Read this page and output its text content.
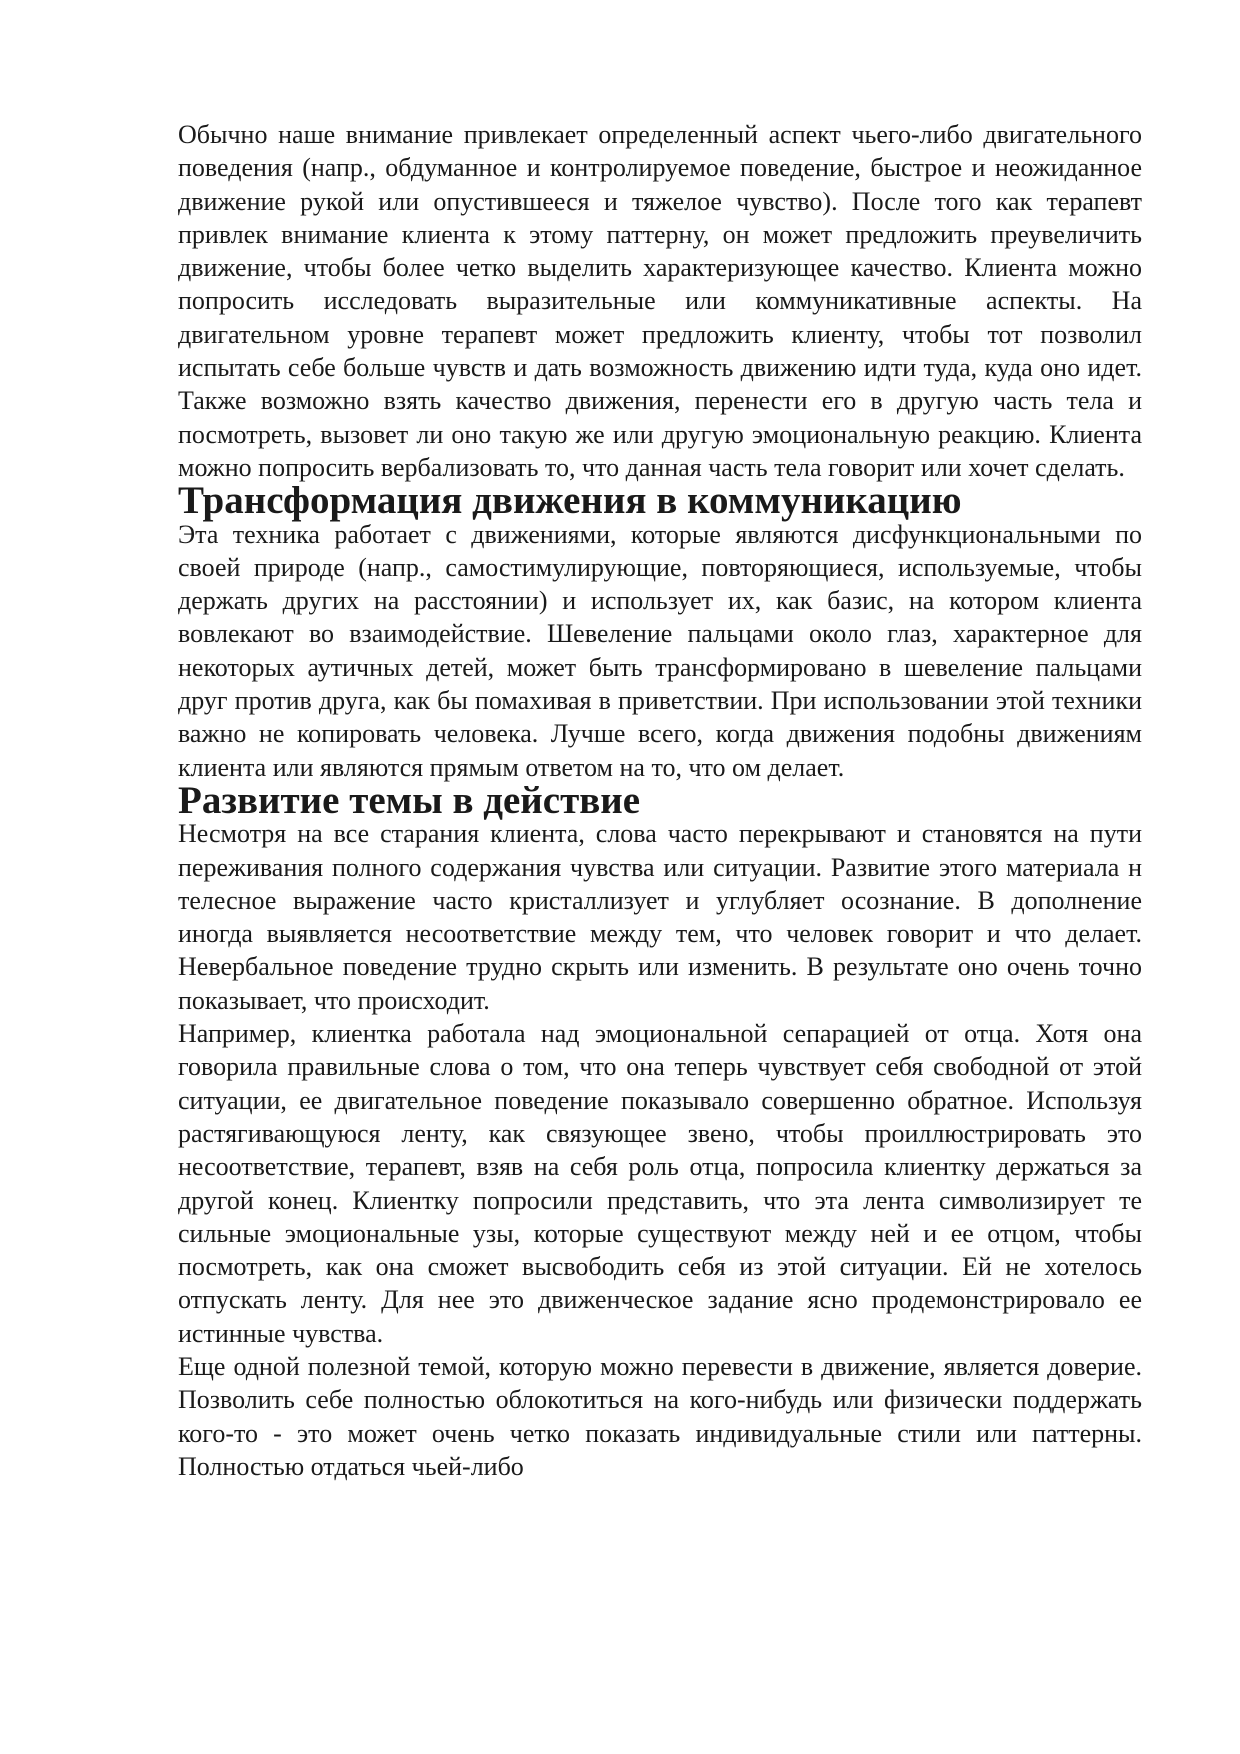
Обычно наше внимание привлекает определенный аспект чьего-либо двигательного поведения (напр., обдуманное и контролируемое поведение, быстрое и неожиданное движение рукой или опустившееся и тяжелое чувство). После того как терапевт привлек внимание клиента к этому паттерну, он может предложить преувеличить движение, чтобы более четко выделить характеризующее качество. Клиента можно попросить исследовать выразительные или коммуникативные аспекты. На двигательном уровне терапевт может предложить клиенту, чтобы тот позволил испытать себе больше чувств и дать возможность движению идти туда, куда оно идет. Также возможно взять качество движения, перенести его в другую часть тела и посмотреть, вызовет ли оно такую же или другую эмоциональную реакцию. Клиента можно попросить вербализовать то, что данная часть тела говорит или хочет сделать.

Трансформация движения в коммуникацию

Эта техника работает с движениями, которые являются дисфункциональными по своей природе (напр., самостимулирующие, повторяющиеся, используемые, чтобы держать других на расстоянии) и использует их, как базис, на котором клиента вовлекают во взаимодействие. Шевеление пальцами около глаз, характерное для некоторых аутичных детей, может быть трансформировано в шевеление пальцами друг против друга, как бы помахивая в приветствии. При использовании этой техники важно не копировать человека. Лучше всего, когда движения подобны движениям клиента или являются прямым ответом на то, что ом делает.

Развитие темы в действие

Несмотря на все старания клиента, слова часто перекрывают и становятся на пути переживания полного содержания чувства или ситуации. Развитие этого материала н телесное выражение часто кристаллизует и углубляет осознание. В дополнение иногда выявляется несоответствие между тем, что человек говорит и что делает. Невербальное поведение трудно скрыть или изменить. В результате оно очень точно показывает, что происходит.

Например, клиентка работала над эмоциональной сепарацией от отца. Хотя она говорила правильные слова о том, что она теперь чувствует себя свободной от этой ситуации, ее двигательное поведение показывало совершенно обратное. Используя растягивающуюся ленту, как связующее звено, чтобы проиллюстрировать это несоответствие, терапевт, взяв на себя роль отца, попросила клиентку держаться за другой конец. Клиентку попросили представить, что эта лента символизирует те сильные эмоциональные узы, которые существуют между ней и ее отцом, чтобы посмотреть, как она сможет высвободить себя из этой ситуации. Ей не хотелось отпускать ленту. Для нее это движенческое задание ясно продемонстрировало ее истинные чувства.

Еще одной полезной темой, которую можно перевести в движение, является доверие. Позволить себе полностью облокотиться на кого-нибудь или физически поддержать кого-то - это может очень четко показать индивидуальные стили или паттерны. Полностью отдаться чьей-либо
